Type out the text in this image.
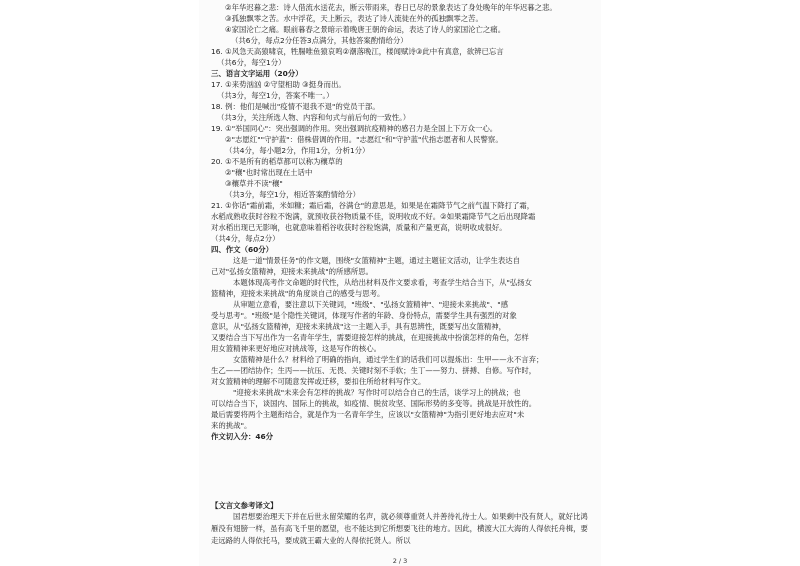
②年华迟暮之悲：诗人借流水送花去，断云带雨来，春日已尽的景象表达了身处晚年的年华迟暮之悲。
③孤独飘零之苦。水中浮花，天上断云，表达了诗人流徙在外的孤独飘零之苦。
④家国沦亡之痛。眼前暮春之景暗示着晚唐王朝的命运，表达了诗人的家国沦亡之痛。
（共6分，每点2分任答3点满分，其他答案酌情给分）
16. ①风急天高猿啸哀，牲腸唯鱼猿哀鸣②潮落晚江，楼闻赋诗③此中有真意，欲辨已忘言
（共6分，每空1分）
三、语言文字运用（20分）
17. ①来势汹汹 ②守望相助 ③挺身而出。
（共3分，每空1分，答案不唯一。）
18. 例：他们是喊出"疫情不退我不退"的党员干部。
（共3分，关注所选人物、内容和句式与前后句的一致性。）
19. ①"举国同心"：突出强调的作用。突出强调抗疫精神的感召力是全国上下万众一心。
②"志愿红""守护蓝"：借株借调的作用。"志愿红"和"守护蓝"代指志愿者和人民警察。
（共4分，每小题2分，作用1分，分析1分）
20. ①不是所有的稻草都可以称为穰草的
②"穰"也时常出现在土话中
③穰草并不读"穰"
（共3分，每空1分，相近答案酌情给分）
21. ①你话"霜前霜，米如糠；霜后霜，谷满仓"的意思是，如果是在霜降节气之前气温下降打了霜，
水稻成熟收获时谷粒不饱满，就预收获谷物质量不佳，说明收成不好。②如果霜降节气之后出现降霜
对水稻出现已无影响，也就意味着稻谷收获时谷粒饱满，质量和产量更高，说明收成很好。
（共4分，每点2分）
四、作文（60分）
这是一道"情景任务"的作文题，围绕"女篮精神"主题，通过主题征文活动，让学生表达自
己对"弘扬女篮精神，迎接未来挑战"的所感所思。
本题体现高考作文命题的时代性，从给出材料及作文要求看，考查学生结合当下，从"弘扬女
篮精神，迎接未来挑战"的角度谈自己的感受与思考。
从审题立意看，要注意以下关键词，"班级"、"弘扬女篮精神"、"迎接未来挑战"、"感
受与思考"。"班级"是个隐性关键词，体现写作者的年龄、身份特点，需要学生具有强烈的对象
意识，从"弘扬女篮精神，迎接未来挑战"这一主题入手，具有思辨性，既要写出女篮精神，
又要结合当下写出作为一名青年学生，需要迎接怎样的挑战，在迎接挑战中扮演怎样的角色，怎样
用女篮精神来更好地应对挑战等，这是写作的核心。
女篮精神是什么？材料给了明确的指向，通过学生们的话我们可以提炼出：生甲——永不言弃；
生乙——团结协作；生丙——抗压、无畏、关键时刻不手软；生丁——努力、拼搏、自修。写作时，
对女篮精神的理解不可随意发挥或迁移，要扣住所给材料写作文。
"迎接未来挑战"未来会有怎样的挑战？写作时可以结合自己的生活，谈学习上的挑战；也
可以结合当下，谈国内、国际上的挑战，如疫情、脱贫攻坚、国际形势的多变等。挑战是开放性的。
最后需要将两个主题衔结合，就是作为一名青年学生，应该以"女篮精神"为指引更好地去应对"未
来的挑战"。
作文切入分：46分
【文言文参考译文】
国君想要治理天下并在后世永留荣耀的名声，就必须尊重贤人并善待礼待士人。如果剩中没有贤人，就好比鸿雁没有翅膀一样，虽有高飞千里的愿望，也不能达到它所想要飞往的地方。因此，横渡大江大海的人得依托舟楫，要走远路的人得依托马，要成就王霸大业的人得依托贤人。所以
2 / 3
